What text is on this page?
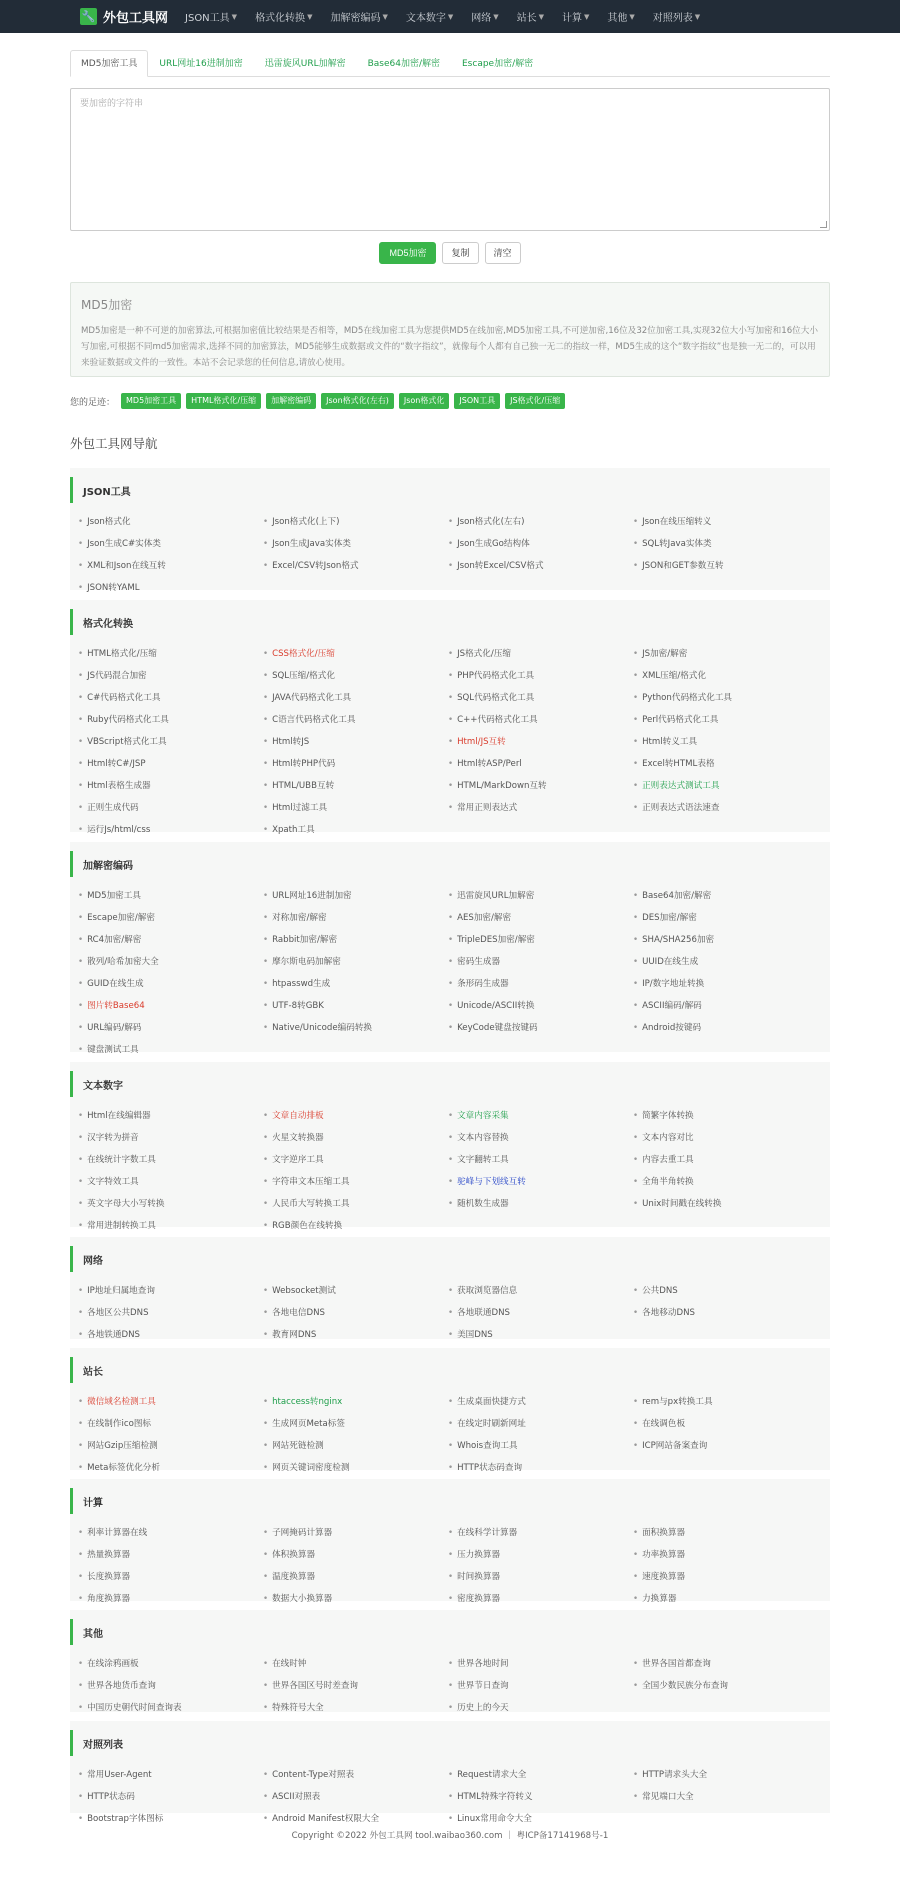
🔧 外包工具网 JSON工具 ▼ 格式化转换 ▼ 加解密编码 ▼ 文本数字 ▼ 网络 ▼ 站长 ▼ 计算 ▼ 其他 ▼ 对照列表 ▼
MD5加密工具	URL网址16进制加密	迅雷旋风URL加解密	Base64加密/解密	Escape加密/解密
要加密的字符串
MD5加密	复制	清空
MD5加密
MD5加密是一种不可逆的加密算法,可根据加密值比较结果是否相等，MD5在线加密工具为您提供MD5在线加密,MD5加密工具,不可逆加密,16位及32位加密工具,实现32位大小写加密和16位大小写加密,可根据不同md5加密需求,选择不同的加密算法，MD5能够生成数据或文件的“数字指纹”，就像每个人都有自己独一无二的指纹一样，MD5生成的这个“数字指纹”也是独一无二的，可以用来验证数据或文件的一致性。本站不会记录您的任何信息,请放心使用。
您的足迹：	MD5加密工具	HTML格式化/压缩	加解密编码	Json格式化(左右)	Json格式化	JSON工具	JS格式化/压缩
外包工具网导航
JSON工具
• Json格式化	• Json格式化(上下)	• Json格式化(左右)	• Json在线压缩转义
• Json生成C#实体类	• Json生成Java实体类	• Json生成Go结构体	• SQL转Java实体类
• XML和Json在线互转	• Excel/CSV转Json格式	• Json转Excel/CSV格式	• JSON和GET参数互转
• JSON转YAML
格式化转换
• HTML格式化/压缩	• CSS格式化/压缩	• JS格式化/压缩	• JS加密/解密
• JS代码混合加密	• SQL压缩/格式化	• PHP代码格式化工具	• XML压缩/格式化
• C#代码格式化工具	• JAVA代码格式化工具	• SQL代码格式化工具	• Python代码格式化工具
• Ruby代码格式化工具	• C语言代码格式化工具	• C++代码格式化工具	• Perl代码格式化工具
• VBScript格式化工具	• Html转JS	• Html/JS互转	• Html转义工具
• Html转C#/JSP	• Html转PHP代码	• Html转ASP/Perl	• Excel转HTML表格
• Html表格生成器	• HTML/UBB互转	• HTML/MarkDown互转	• 正则表达式测试工具
• 正则生成代码	• Html过滤工具	• 常用正则表达式	• 正则表达式语法速查
• 运行Js/html/css	• Xpath工具
加解密编码
• MD5加密工具	• URL网址16进制加密	• 迅雷旋风URL加解密	• Base64加密/解密
• Escape加密/解密	• 对称加密/解密	• AES加密/解密	• DES加密/解密
• RC4加密/解密	• Rabbit加密/解密	• TripleDES加密/解密	• SHA/SHA256加密
• 散列/哈希加密大全	• 摩尔斯电码加解密	• 密码生成器	• UUID在线生成
• GUID在线生成	• htpasswd生成	• 条形码生成器	• IP/数字地址转换
• 图片转Base64	• UTF-8转GBK	• Unicode/ASCII转换	• ASCII编码/解码
• URL编码/解码	• Native/Unicode编码转换	• KeyCode键盘按键码	• Android按键码
• 键盘测试工具
文本数字
• Html在线编辑器	• 文章自动排板	• 文章内容采集	• 简繁字体转换
• 汉字转为拼音	• 火星文转换器	• 文本内容替换	• 文本内容对比
• 在线统计字数工具	• 文字逆序工具	• 文字翻转工具	• 内容去重工具
• 文字特效工具	• 字符串文本压缩工具	• 驼峰与下划线互转	• 全角半角转换
• 英文字母大小写转换	• 人民币大写转换工具	• 随机数生成器	• Unix时间戳在线转换
• 常用进制转换工具	• RGB颜色在线转换
网络
• IP地址归属地查询	• Websocket测试	• 获取浏览器信息	• 公共DNS
• 各地区公共DNS	• 各地电信DNS	• 各地联通DNS	• 各地移动DNS
• 各地铁通DNS	• 教育网DNS	• 美国DNS
站长
• 微信域名检测工具	• htaccess转nginx	• 生成桌面快捷方式	• rem与px转换工具
• 在线制作ico图标	• 生成网页Meta标签	• 在线定时刷新网址	• 在线调色板
• 网站Gzip压缩检测	• 网站死链检测	• Whois查询工具	• ICP网站备案查询
• Meta标签优化分析	• 网页关键词密度检测	• HTTP状态码查询
计算
• 利率计算器在线	• 子网掩码计算器	• 在线科学计算器	• 面积换算器
• 热量换算器	• 体积换算器	• 压力换算器	• 功率换算器
• 长度换算器	• 温度换算器	• 时间换算器	• 速度换算器
• 角度换算器	• 数据大小换算器	• 密度换算器	• 力换算器
其他
• 在线涂鸦画板	• 在线时钟	• 世界各地时间	• 世界各国首都查询
• 世界各地货币查询	• 世界各国区号时差查询	• 世界节日查询	• 全国少数民族分布查询
• 中国历史朝代时间查询表	• 特殊符号大全	• 历史上的今天
对照列表
• 常用User-Agent	• Content-Type对照表	• Request请求大全	• HTTP请求头大全
• HTTP状态码	• ASCII对照表	• HTML特殊字符转义	• 常见端口大全
• Bootstrap字体图标	• Android Manifest权限大全	• Linux常用命令大全
Copyright ©2022 外包工具网 tool.waibao360.com ｜ 粤ICP备17141968号-1
